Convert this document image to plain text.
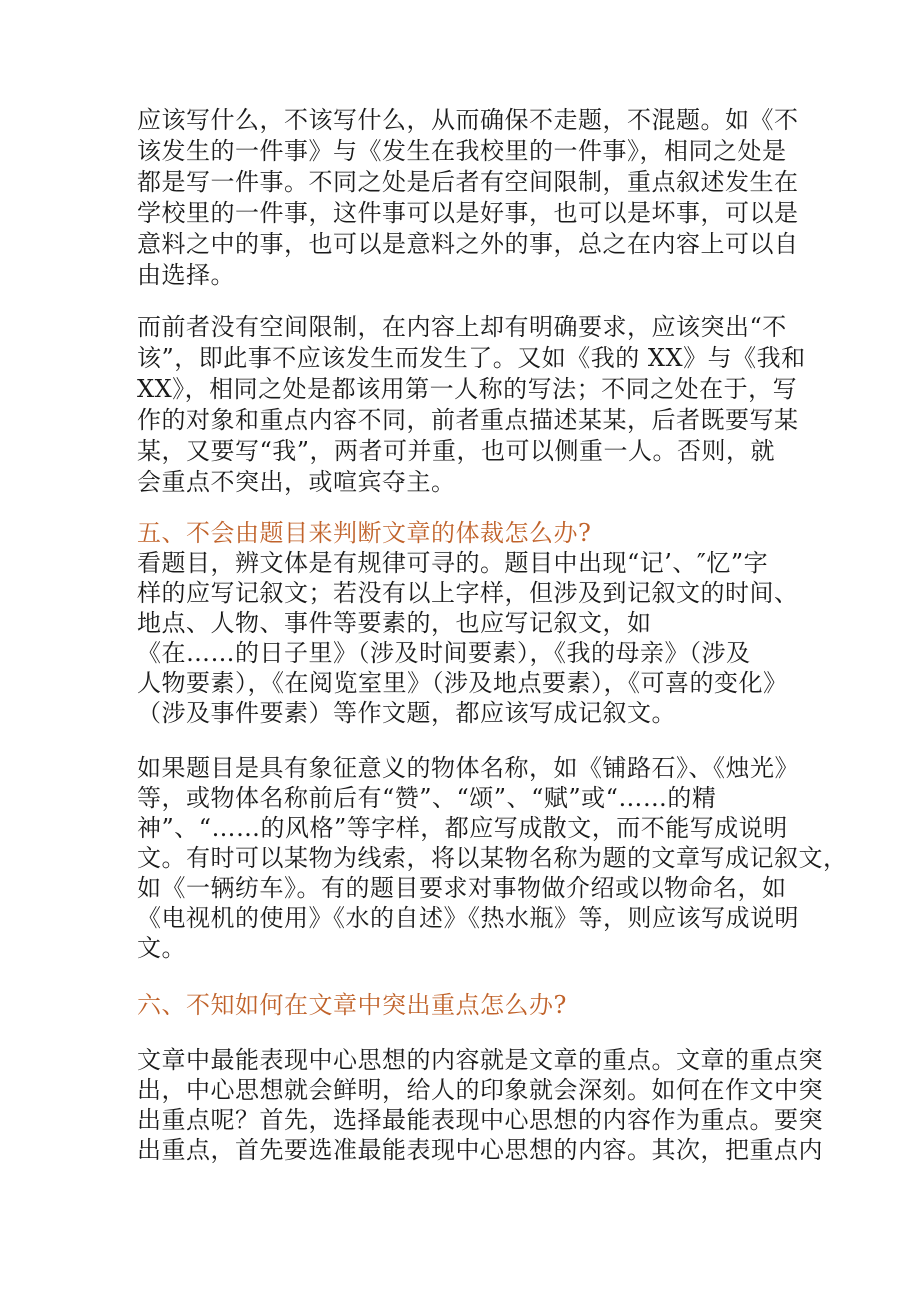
应该写什么，不该写什么，从而确保不走题，不混题。如《不
该发生的一件事》与《发生在我校里的一件事》，相同之处是
都是写一件事。不同之处是后者有空间限制，重点叙述发生在
学校里的一件事，这件事可以是好事，也可以是坏事，可以是
意料之中的事，也可以是意料之外的事，总之在内容上可以自
由选择。
而前者没有空间限制，在内容上却有明确要求，应该突出“不
该”，即此事不应该发生而发生了。又如《我的 XX》与《我和
XX》，相同之处是都该用第一人称的写法；不同之处在于，写
作的对象和重点内容不同，前者重点描述某某，后者既要写某
某，又要写“我”，两者可并重，也可以侧重一人。否则，就
会重点不突出，或喧宾夺主。
五、不会由题目来判断文章的体裁怎么办?
看题目，辨文体是有规律可寻的。题目中出现“记’、″忆”字
样的应写记叙文；若没有以上字样，但涉及到记叙文的时间、
地点、人物、事件等要素的，也应写记叙文，如
《在……的日子里》（涉及时间要素），《我的母亲》（涉及
人物要素），《在阅览室里》（涉及地点要素），《可喜的变化》
（涉及事件要素）等作文题，都应该写成记叙文。
如果题目是具有象征意义的物体名称，如《铺路石》、《烛光》
等，或物体名称前后有“赞”、“颂”、“赋”或“……的精
神”、“……的风格”等字样，都应写成散文，而不能写成说明
文。有时可以某物为线索，将以某物名称为题的文章写成记叙文，
如《一辆纺车》。有的题目要求对事物做介绍或以物命名，如
《电视机的使用》《水的自述》《热水瓶》等，则应该写成说明
文。
六、不知如何在文章中突出重点怎么办?
文章中最能表现中心思想的内容就是文章的重点。文章的重点突
出，中心思想就会鲜明，给人的印象就会深刻。如何在作文中突
出重点呢？首先，选择最能表现中心思想的内容作为重点。要突
出重点，首先要选准最能表现中心思想的内容。其次，把重点内
